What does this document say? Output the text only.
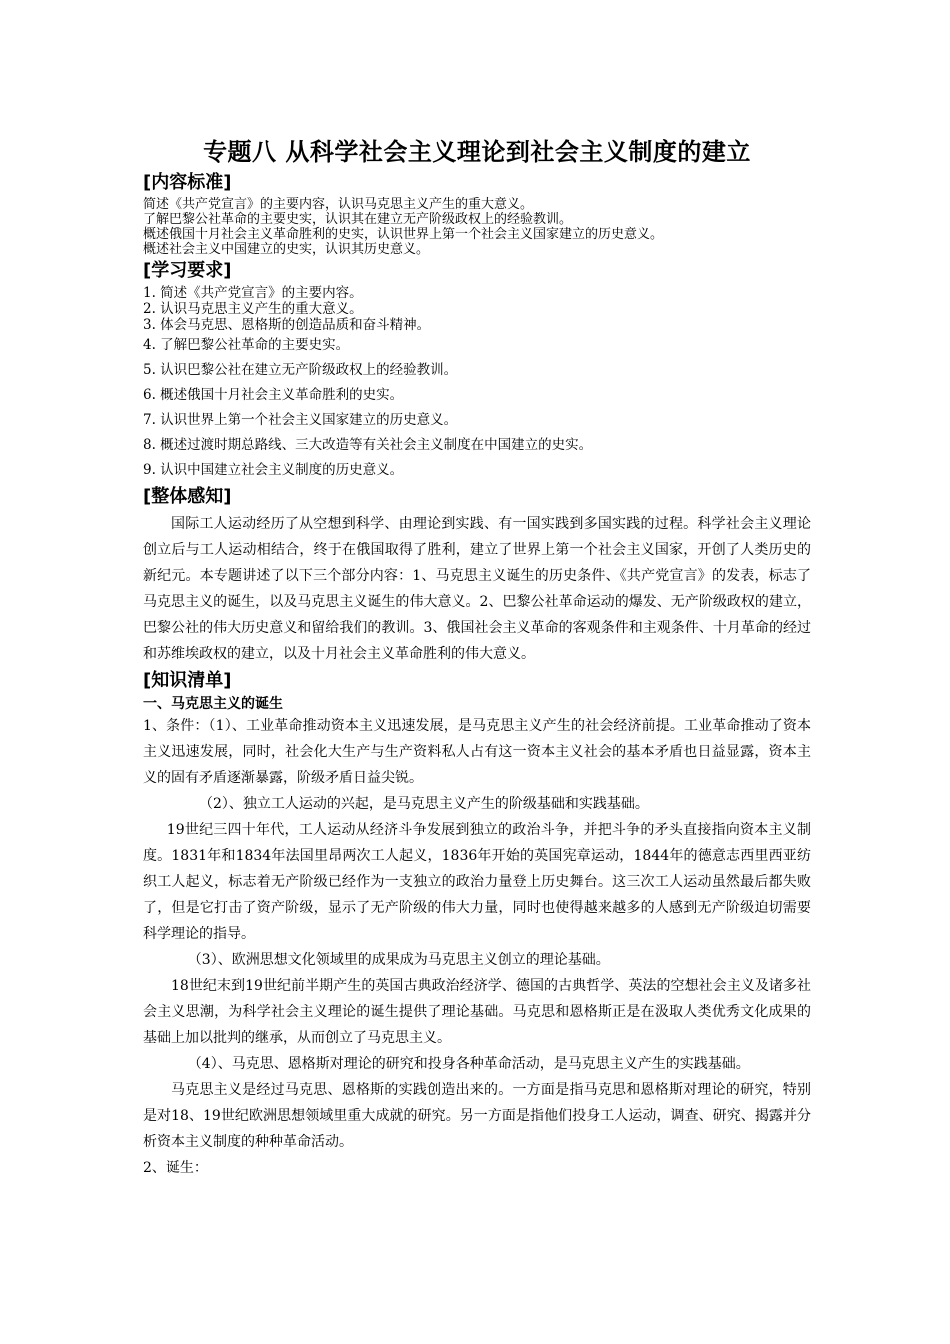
专题八 从科学社会主义理论到社会主义制度的建立
[内容标准]

简述《共产党宣言》的主要内容，认识马克思主义产生的重大意义。

了解巴黎公社革命的主要史实，认识其在建立无产阶级政权上的经验教训。

概述俄国十月社会主义革命胜利的史实，认识世界上第一个社会主义国家建立的历史意义。

概述社会主义中国建立的史实，认识其历史意义。

[学习要求]

1. 简述《共产党宣言》的主要内容。

2. 认识马克思主义产生的重大意义。

3. 体会马克思、恩格斯的创造品质和奋斗精神。

4. 了解巴黎公社革命的主要史实。

5. 认识巴黎公社在建立无产阶级政权上的经验教训。

6. 概述俄国十月社会主义革命胜利的史实。

7. 认识世界上第一个社会主义国家建立的历史意义。

8. 概述过渡时期总路线、三大改造等有关社会主义制度在中国建立的史实。

9. 认识中国建立社会主义制度的历史意义。

[整体感知]

国际工人运动经历了从空想到科学、由理论到实践、有一国实践到多国实践的过程。科学社会主义理论创立后与工人运动相结合，终于在俄国取得了胜利，建立了世界上第一个社会主义国家，开创了人类历史的新纪元。本专题讲述了以下三个部分内容：1、马克思主义诞生的历史条件、《共产党宣言》的发表，标志了马克思主义的诞生，以及马克思主义诞生的伟大意义。2、巴黎公社革命运动的爆发、无产阶级政权的建立，巴黎公社的伟大历史意义和留给我们的教训。3、俄国社会主义革命的客观条件和主观条件、十月革命的经过和苏维埃政权的建立，以及十月社会主义革命胜利的伟大意义。

[知识清单]

一、马克思主义的诞生

1、条件：（1）、工业革命推动资本主义迅速发展，是马克思主义产生的社会经济前提。工业革命推动了资本主义迅速发展，同时，社会化大生产与生产资料私人占有这一资本主义社会的基本矛盾也日益显露，资本主义的固有矛盾逐渐暴露，阶级矛盾日益尖锐。

（2）、独立工人运动的兴起，是马克思主义产生的阶级基础和实践基础。

19世纪三四十年代，工人运动从经济斗争发展到独立的政治斗争，并把斗争的矛头直接指向资本主义制度。1831年和1834年法国里昂两次工人起义，1836年开始的英国宪章运动，1844年的德意志西里西亚纺织工人起义，标志着无产阶级已经作为一支独立的政治力量登上历史舞台。这三次工人运动虽然最后都失败了，但是它打击了资产阶级，显示了无产阶级的伟大力量，同时也使得越来越多的人感到无产阶级迫切需要科学理论的指导。

（3）、欧洲思想文化领域里的成果成为马克思主义创立的理论基础。

18世纪末到19世纪前半期产生的英国古典政治经济学、德国的古典哲学、英法的空想社会主义及诸多社会主义思潮，为科学社会主义理论的诞生提供了理论基础。马克思和恩格斯正是在汲取人类优秀文化成果的基础上加以批判的继承，从而创立了马克思主义。

（4）、马克思、恩格斯对理论的研究和投身各种革命活动，是马克思主义产生的实践基础。

马克思主义是经过马克思、恩格斯的实践创造出来的。一方面是指马克思和恩格斯对理论的研究，特别是对18、19世纪欧洲思想领域里重大成就的研究。另一方面是指他们投身工人运动，调查、研究、揭露并分析资本主义制度的种种革命活动。

2、诞生：
